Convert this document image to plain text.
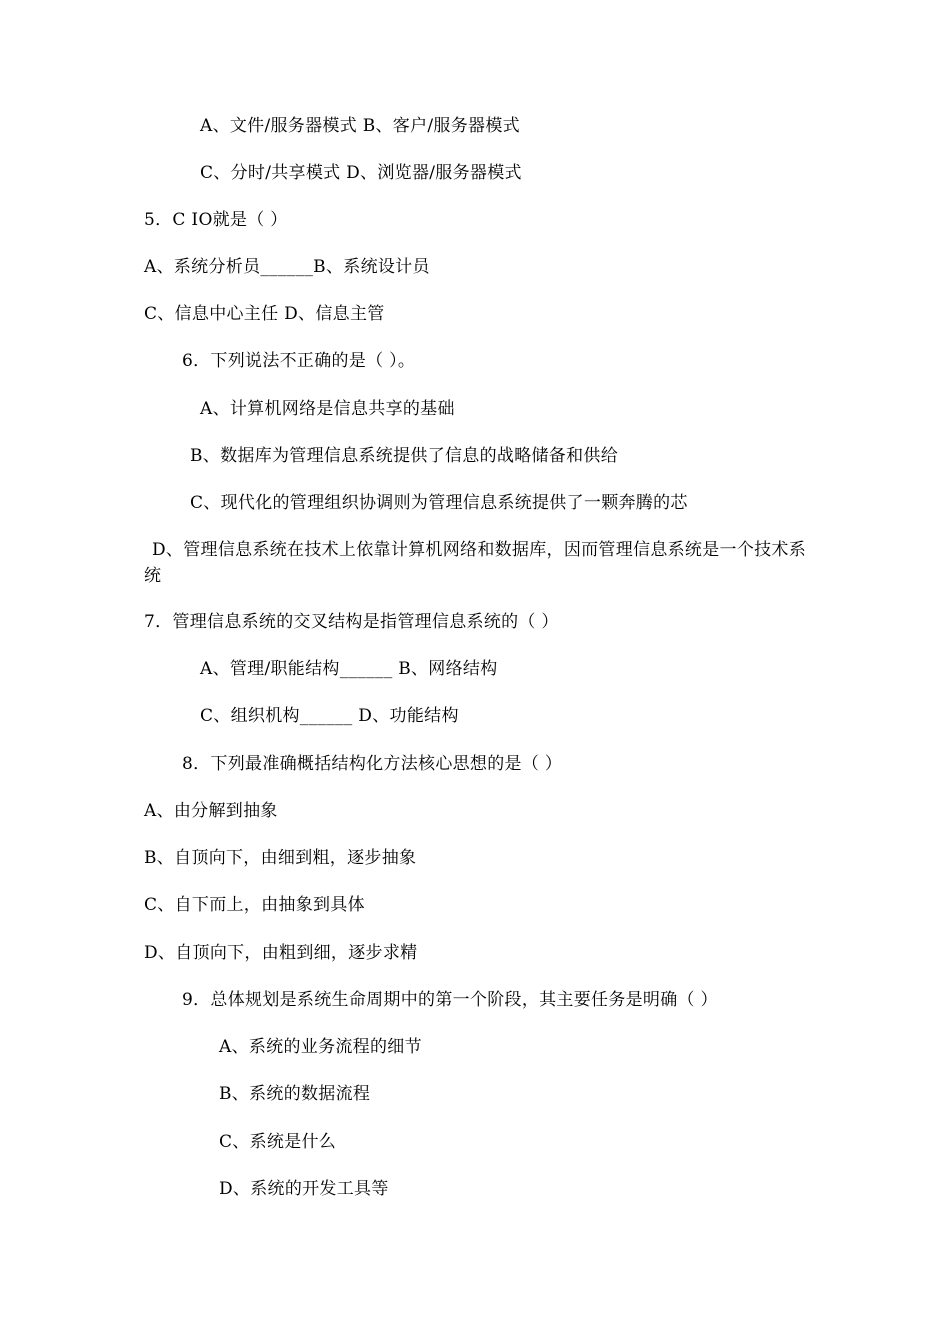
A、文件/服务器模式 B、客户/服务器模式
C、分时/共享模式 D、浏览器/服务器模式
5．C IO就是（ ）
A、系统分析员______B、系统设计员
C、信息中心主任 D、信息主管
6．下列说法不正确的是（ ）。
A、计算机网络是信息共享的基础
B、数据库为管理信息系统提供了信息的战略储备和供给
C、现代化的管理组织协调则为管理信息系统提供了一颗奔腾的芯
D、管理信息系统在技术上依靠计算机网络和数据库，因而管理信息系统是一个技术系统
7．管理信息系统的交叉结构是指管理信息系统的（ ）
A、管理/职能结构______ B、网络结构
C、组织机构______ D、功能结构
8．下列最准确概括结构化方法核心思想的是（ ）
A、由分解到抽象
B、自顶向下，由细到粗，逐步抽象
C、自下而上，由抽象到具体
D、自顶向下，由粗到细，逐步求精
9．总体规划是系统生命周期中的第一个阶段，其主要任务是明确（ ）
A、系统的业务流程的细节
B、系统的数据流程
C、系统是什么
D、系统的开发工具等
